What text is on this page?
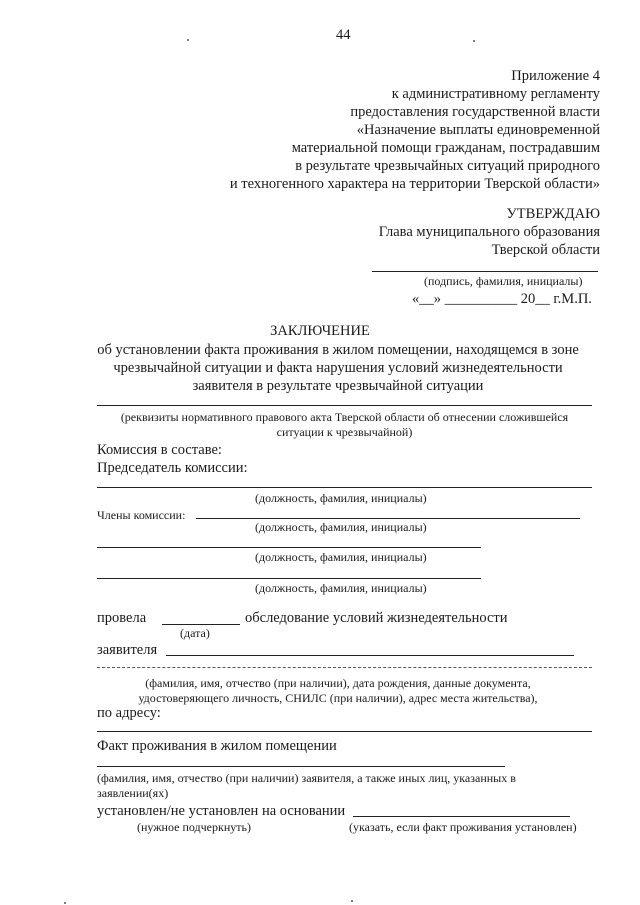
44
Приложение 4
к административному регламенту
предоставления государственной власти
«Назначение выплаты единовременной
материальной помощи гражданам, пострадавшим
в результате чрезвычайных ситуаций природного
и техногенного характера на территории Тверской области»
УТВЕРЖДАЮ
Глава муниципального образования
Тверской области
(подпись, фамилия, инициалы)
«__» __________ 20__ г.М.П.
ЗАКЛЮЧЕНИЕ
об установлении факта проживания в жилом помещении, находящемся в зоне
чрезвычайной ситуации и факта нарушения условий жизнедеятельности
заявителя в результате чрезвычайной ситуации
(реквизиты нормативного правового акта Тверской области об отнесении сложившейся
ситуации к чрезвычайной)
Комиссия в составе:
Председатель комиссии:
(должность, фамилия, инициалы)
Члены комиссии:
(должность, фамилия, инициалы)
(должность, фамилия, инициалы)
(должность, фамилия, инициалы)
провела	обследование условий жизнедеятельности
(дата)
заявителя
(фамилия, имя, отчество (при наличии), дата рождения, данные документа,
удостоверяющего личность, СНИЛС (при наличии), адрес места жительства),
по адресу:
Факт проживания в жилом помещении
(фамилия, имя, отчество (при наличии) заявителя, а также иных лиц, указанных в
заявлении(ях)
установлен/не установлен на основании
(нужное подчеркнуть)	(указать, если факт проживания установлен)
